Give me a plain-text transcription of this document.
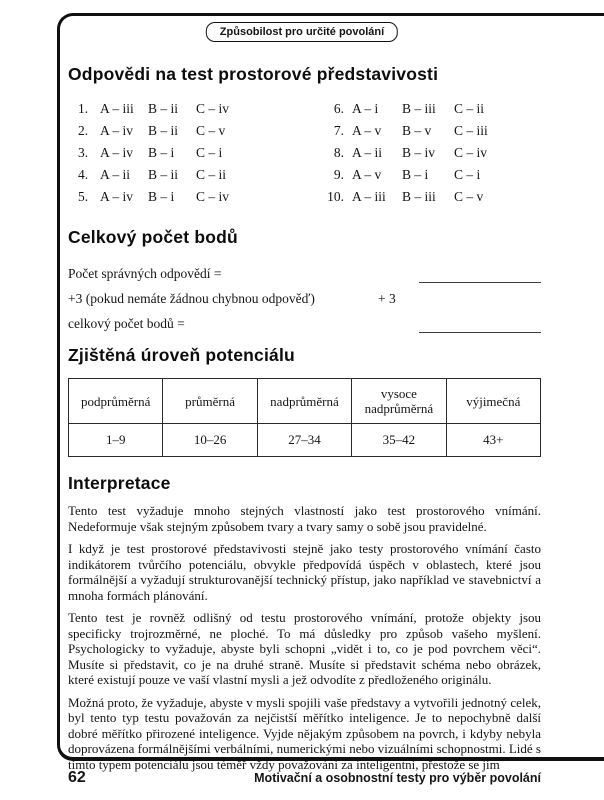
Způsobilost pro určité povolání
Odpovědi na test prostorové představivosti
1. A – iii	B – ii	C – iv	6. A – i	B – iii	C – ii
2. A – iv	B – ii	C – v	7. A – v	B – v	C – iii
3. A – iv	B – i	C – i	8. A – ii	B – iv	C – iv
4. A – ii	B – ii	C – ii	9. A – v	B – i	C – i
5. A – iv	B – i	C – iv	10. A – iii	B – iii	C – v
Celkový počet bodů
Počet správných odpovědí =
+3 (pokud nemáte žádnou chybnou odpověď)	+ 3
celkový počet bodů =
Zjištěná úroveň potenciálu
podprůměrná	průměrná	nadprůměrná	vysoce nadprůměrná	výjimečná
1–9	10–26	27–34	35–42	43+
Interpretace

Tento test vyžaduje mnoho stejných vlastností jako test prostorového vnímání. Nedeformuje však stejným způsobem tvary a tvary samy o sobě jsou pravidelné.

I když je test prostorové představivosti stejně jako testy prostorového vnímání často indikátorem tvůrčího potenciálu, obvykle předpovídá úspěch v oblastech, které jsou formálnější a vyžadují strukturovanější technický přístup, jako například ve stavebnictví a mnoha formách plánování.

Tento test je rovněž odlišný od testu prostorového vnímání, protože objekty jsou specificky trojrozměrné, ne ploché. To má důsledky pro způsob vašeho myšlení. Psychologicky to vyžaduje, abyste byli schopni „vidět i to, co je pod povrchem věci“. Musíte si představit, co je na druhé straně. Musíte si představit schéma nebo obrázek, které existují pouze ve vaší vlastní mysli a jež odvodíte z předloženého originálu.

Možná proto, že vyžaduje, abyste v mysli spojili vaše představy a vytvořili jednotný celek, byl tento typ testu považován za nejčistší měřítko inteligence. Je to nepochybně další dobré měřítko přirozené inteligence. Vyjde nějakým způsobem na povrch, i kdyby nebyla doprovázena formálnějšími verbálními, numerickými nebo vizuálními schopnostmi. Lidé s tímto typem potenciálu jsou téměř vždy považováni za inteligentní, přestože se jim

62	Motivační a osobnostní testy pro výběr povolání
